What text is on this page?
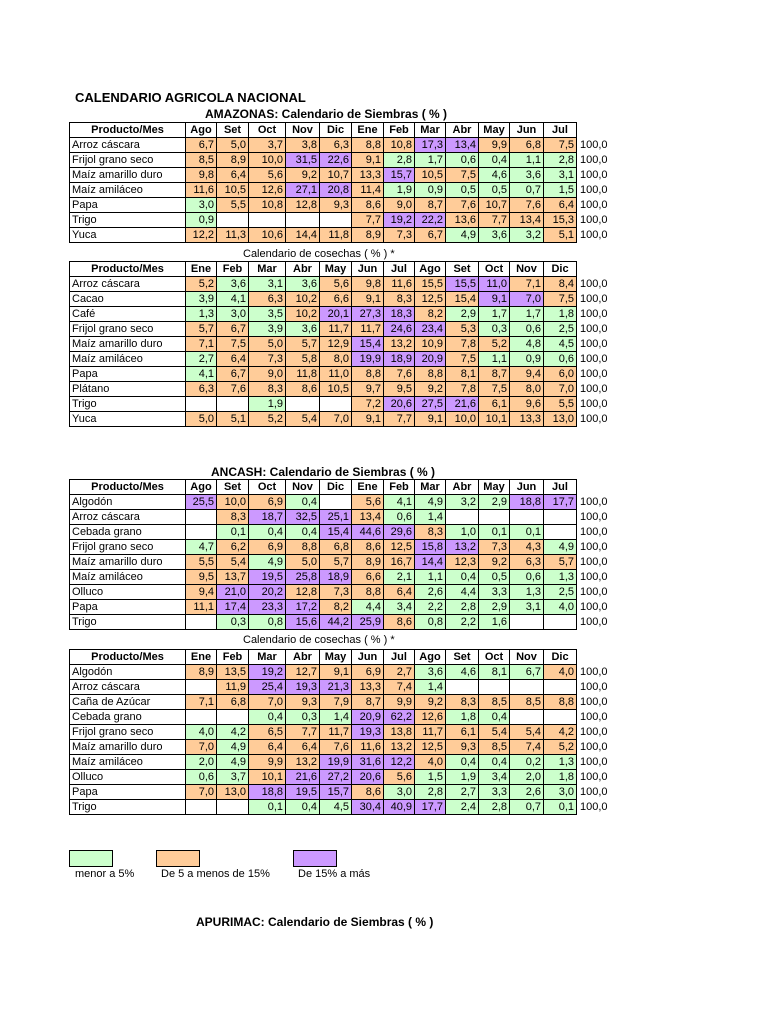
CALENDARIO AGRICOLA NACIONAL
AMAZONAS: Calendario de Siembras ( % )
Producto/Mes	Ago	Set	Oct	Nov	Dic	Ene	Feb	Mar	Abr	May	Jun	Jul	
Arroz cáscara	6,7	5,0	3,7	3,8	6,3	8,8	10,8	17,3	13,4	9,9	6,8	7,5	100,0
Frijol grano seco	8,5	8,9	10,0	31,5	22,6	9,1	2,8	1,7	0,6	0,4	1,1	2,8	100,0
Maíz amarillo duro	9,8	6,4	5,6	9,2	10,7	13,3	15,7	10,5	7,5	4,6	3,6	3,1	100,0
Maíz amiláceo	11,6	10,5	12,6	27,1	20,8	11,4	1,9	0,9	0,5	0,5	0,7	1,5	100,0
Papa	3,0	5,5	10,8	12,8	9,3	8,6	9,0	8,7	7,6	10,7	7,6	6,4	100,0
Trigo	0,9					7,7	19,2	22,2	13,6	7,7	13,4	15,3	100,0
Yuca	12,2	11,3	10,6	14,4	11,8	8,9	7,3	6,7	4,9	3,6	3,2	5,1	100,0
Calendario de cosechas ( % ) *
Producto/Mes	Ene	Feb	Mar	Abr	May	Jun	Jul	Ago	Set	Oct	Nov	Dic	
Arroz cáscara	5,2	3,6	3,1	3,6	5,6	9,8	11,6	15,5	15,5	11,0	7,1	8,4	100,0
Cacao	3,9	4,1	6,3	10,2	6,6	9,1	8,3	12,5	15,4	9,1	7,0	7,5	100,0
Café	1,3	3,0	3,5	10,2	20,1	27,3	18,3	8,2	2,9	1,7	1,7	1,8	100,0
Frijol grano seco	5,7	6,7	3,9	3,6	11,7	11,7	24,6	23,4	5,3	0,3	0,6	2,5	100,0
Maíz amarillo duro	7,1	7,5	5,0	5,7	12,9	15,4	13,2	10,9	7,8	5,2	4,8	4,5	100,0
Maíz amiláceo	2,7	6,4	7,3	5,8	8,0	19,9	18,9	20,9	7,5	1,1	0,9	0,6	100,0
Papa	4,1	6,7	9,0	11,8	11,0	8,8	7,6	8,8	8,1	8,7	9,4	6,0	100,0
Plátano	6,3	7,6	8,3	8,6	10,5	9,7	9,5	9,2	7,8	7,5	8,0	7,0	100,0
Trigo			1,9			7,2	20,6	27,5	21,6	6,1	9,6	5,5	100,0
Yuca	5,0	5,1	5,2	5,4	7,0	9,1	7,7	9,1	10,0	10,1	13,3	13,0	100,0
ANCASH: Calendario de Siembras ( % )
Producto/Mes	Ago	Set	Oct	Nov	Dic	Ene	Feb	Mar	Abr	May	Jun	Jul	
Algodón	25,5	10,0	6,9	0,4		5,6	4,1	4,9	3,2	2,9	18,8	17,7	100,0
Arroz cáscara		8,3	18,7	32,5	25,1	13,4	0,6	1,4					100,0
Cebada grano		0,1	0,4	0,4	15,4	44,6	29,6	8,3	1,0	0,1	0,1		100,0
Frijol grano seco	4,7	6,2	6,9	8,8	6,8	8,6	12,5	15,8	13,2	7,3	4,3	4,9	100,0
Maíz amarillo duro	5,5	5,4	4,9	5,0	5,7	8,9	16,7	14,4	12,3	9,2	6,3	5,7	100,0
Maíz amiláceo	9,5	13,7	19,5	25,8	18,9	6,6	2,1	1,1	0,4	0,5	0,6	1,3	100,0
Olluco	9,4	21,0	20,2	12,8	7,3	8,8	6,4	2,6	4,4	3,3	1,3	2,5	100,0
Papa	11,1	17,4	23,3	17,2	8,2	4,4	3,4	2,2	2,8	2,9	3,1	4,0	100,0
Trigo		0,3	0,8	15,6	44,2	25,9	8,6	0,8	2,2	1,6			100,0
Calendario de cosechas ( % ) *
Producto/Mes	Ene	Feb	Mar	Abr	May	Jun	Jul	Ago	Set	Oct	Nov	Dic	
Algodón	8,9	13,5	19,2	12,7	9,1	6,9	2,7	3,6	4,6	8,1	6,7	4,0	100,0
Arroz cáscara		11,9	25,4	19,3	21,3	13,3	7,4	1,4					100,0
Caña de Azúcar	7,1	6,8	7,0	9,3	7,9	8,7	9,9	9,2	8,3	8,5	8,5	8,8	100,0
Cebada grano			0,4	0,3	1,4	20,9	62,2	12,6	1,8	0,4			100,0
Frijol grano seco	4,0	4,2	6,5	7,7	11,7	19,3	13,8	11,7	6,1	5,4	5,4	4,2	100,0
Maíz amarillo duro	7,0	4,9	6,4	6,4	7,6	11,6	13,2	12,5	9,3	8,5	7,4	5,2	100,0
Maíz amiláceo	2,0	4,9	9,9	13,2	19,9	31,6	12,2	4,0	0,4	0,4	0,2	1,3	100,0
Olluco	0,6	3,7	10,1	21,6	27,2	20,6	5,6	1,5	1,9	3,4	2,0	1,8	100,0
Papa	7,0	13,0	18,8	19,5	15,7	8,6	3,0	2,8	2,7	3,3	2,6	3,0	100,0
Trigo			0,1	0,4	4,5	30,4	40,9	17,7	2,4	2,8	0,7	0,1	100,0
menor a 5% De 5 a menos de 15%	De 15% a más
APURIMAC: Calendario de Siembras ( % )
